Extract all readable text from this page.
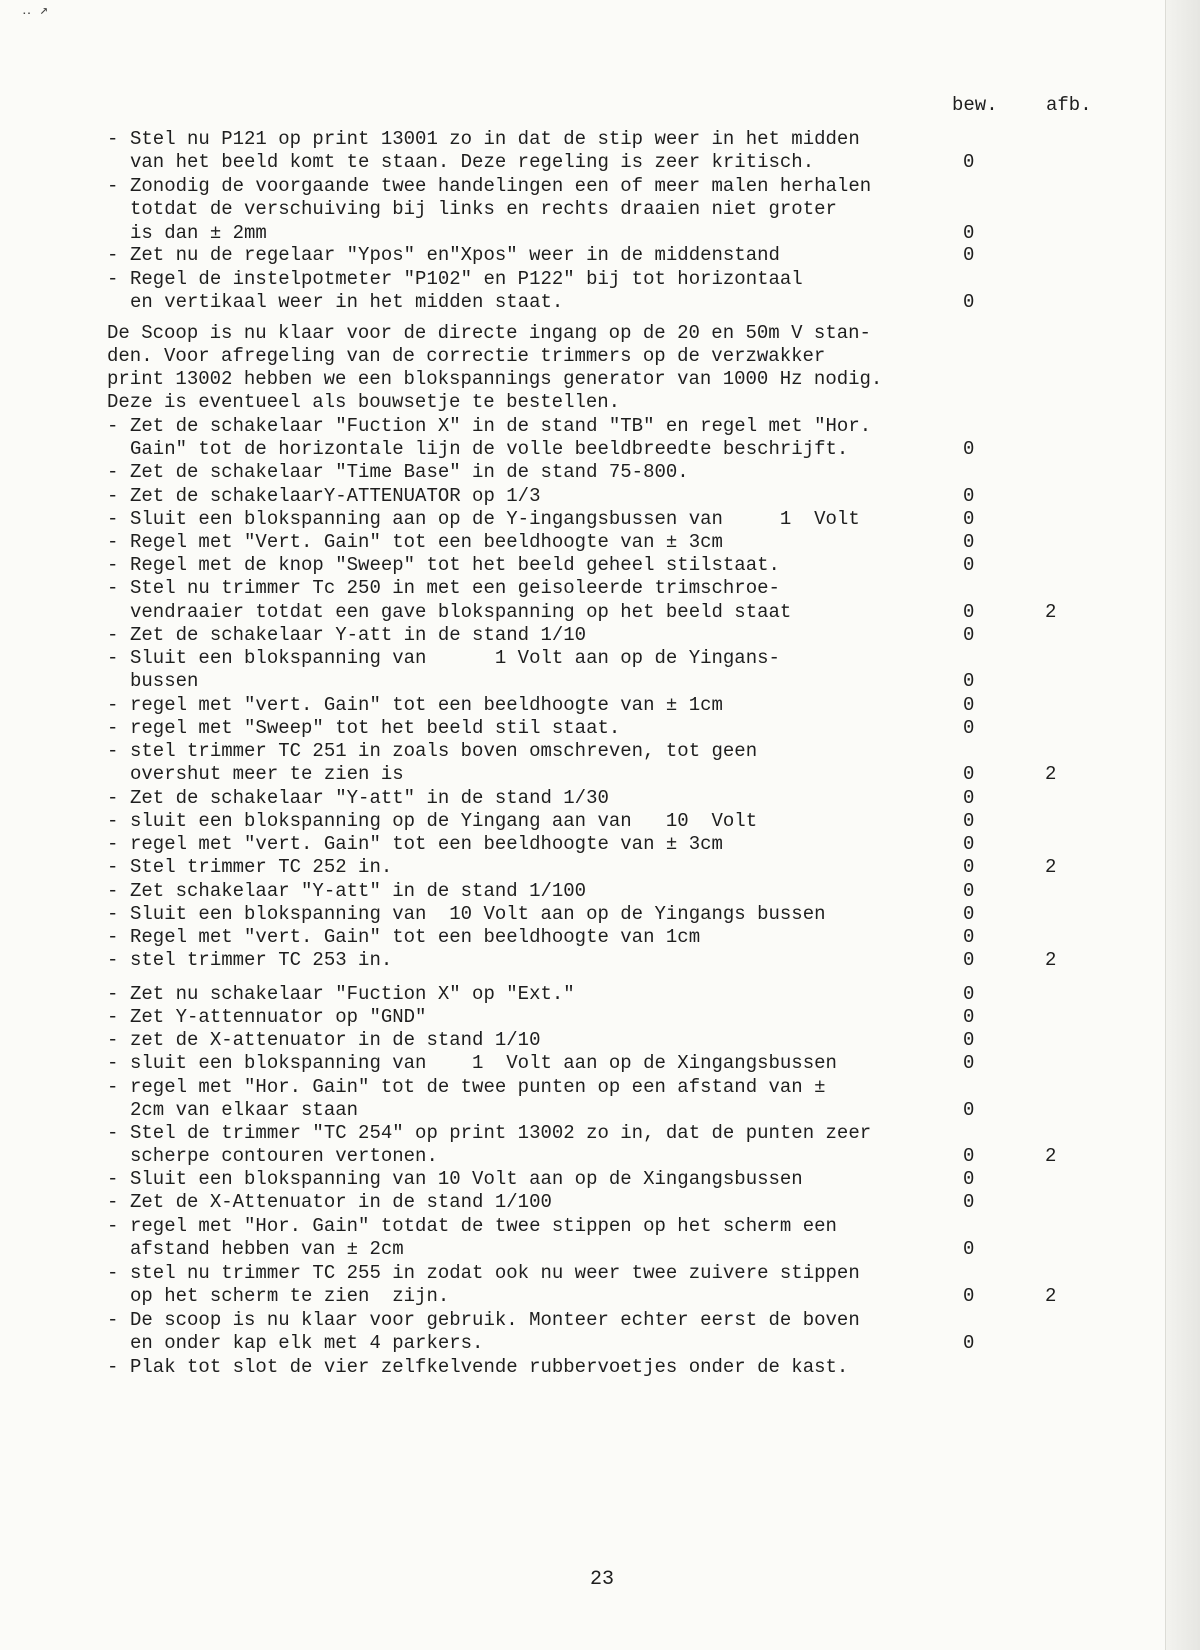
‥ ↗
bew.	afb.
- Stel nu P121 op print 13001 zo in dat de stip weer in het midden
van het beeld komt te staan. Deze regeling is zeer kritisch.	0
- Zonodig de voorgaande twee handelingen een of meer malen herhalen
totdat de verschuiving bij links en rechts draaien niet groter
is dan ± 2mm	0
- Zet nu de regelaar "Ypos" en"Xpos" weer in de middenstand	0
- Regel de instelpotmeter "P102" en P122" bij tot horizontaal
en vertikaal weer in het midden staat.	0
De Scoop is nu klaar voor de directe ingang op de 20 en 50m V stan-
den. Voor afregeling van de correctie trimmers op de verzwakker
print 13002 hebben we een blokspannings generator van 1000 Hz nodig.
Deze is eventueel als bouwsetje te bestellen.
- Zet de schakelaar "Fuction X" in de stand "TB" en regel met "Hor.
Gain" tot de horizontale lijn de volle beeldbreedte beschrijft.	0
- Zet de schakelaar "Time Base" in de stand 75-800.
- Zet de schakelaarY-ATTENUATOR op 1/3	0
- Sluit een blokspanning aan op de Y-ingangsbussen van     1  Volt	0
- Regel met "Vert. Gain" tot een beeldhoogte van ± 3cm	0
- Regel met de knop "Sweep" tot het beeld geheel stilstaat.	0
- Stel nu trimmer Tc 250 in met een geisoleerde trimschroe-
vendraaier totdat een gave blokspanning op het beeld staat	0	2
- Zet de schakelaar Y-att in de stand 1/10	0
- Sluit een blokspanning van      1 Volt aan op de Yingans-
bussen	0
- regel met "vert. Gain" tot een beeldhoogte van ± 1cm	0
- regel met "Sweep" tot het beeld stil staat.	0
- stel trimmer TC 251 in zoals boven omschreven, tot geen
overshut meer te zien is	0	2
- Zet de schakelaar "Y-att" in de stand 1/30	0
- sluit een blokspanning op de Yingang aan van   10  Volt	0
- regel met "vert. Gain" tot een beeldhoogte van ± 3cm	0
- Stel trimmer TC 252 in.	0	2
- Zet schakelaar "Y-att" in de stand 1/100	0
- Sluit een blokspanning van  10 Volt aan op de Yingangs bussen	0
- Regel met "vert. Gain" tot een beeldhoogte van 1cm	0
- stel trimmer TC 253 in.	0	2
- Zet nu schakelaar "Fuction X" op "Ext."	0
- Zet Y-attennuator op "GND"	0
- zet de X-attenuator in de stand 1/10	0
- sluit een blokspanning van    1  Volt aan op de Xingangsbussen	0
- regel met "Hor. Gain" tot de twee punten op een afstand van ±
2cm van elkaar staan	0
- Stel de trimmer "TC 254" op print 13002 zo in, dat de punten zeer
scherpe contouren vertonen.	0	2
- Sluit een blokspanning van 10 Volt aan op de Xingangsbussen	0
- Zet de X-Attenuator in de stand 1/100	0
- regel met "Hor. Gain" totdat de twee stippen op het scherm een
afstand hebben van ± 2cm	0
- stel nu trimmer TC 255 in zodat ook nu weer twee zuivere stippen
op het scherm te zien  zijn.	0	2
- De scoop is nu klaar voor gebruik. Monteer echter eerst de boven
en onder kap elk met 4 parkers.	0
- Plak tot slot de vier zelfkelvende rubbervoetjes onder de kast.
23
